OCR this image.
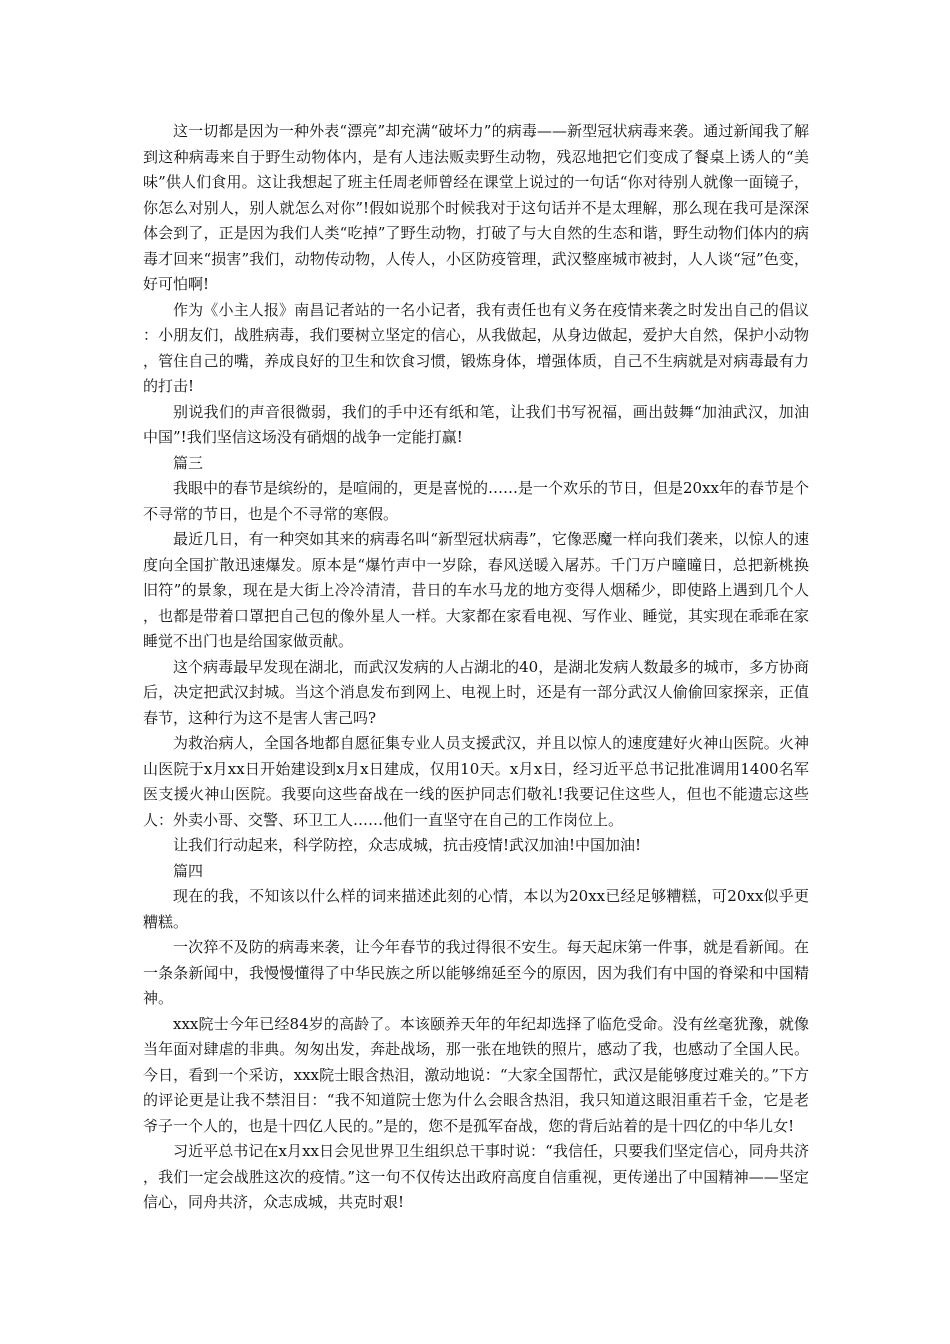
这一切都是因为一种外表“漂亮”却充满“破坏力”的病毒——新型冠状病毒来袭。通过新闻我了解到这种病毒来自于野生动物体内，是有人违法贩卖野生动物，残忍地把它们变成了餐桌上诱人的“美味”供人们食用。这让我想起了班主任周老师曾经在课堂上说过的一句话“你对待别人就像一面镜子，你怎么对别人，别人就怎么对你”!假如说那个时候我对于这句话并不是太理解，那么现在我可是深深体会到了，正是因为我们人类“吃掉”了野生动物，打破了与大自然的生态和谐，野生动物们体内的病毒才回来“损害”我们，动物传动物，人传人，小区防疫管理，武汉整座城市被封，人人谈“冠”色变，好可怕啊!

作为《小主人报》南昌记者站的一名小记者，我有责任也有义务在疫情来袭之时发出自己的倡议：小朋友们，战胜病毒，我们要树立坚定的信心，从我做起，从身边做起，爱护大自然，保护小动物，管住自己的嘴，养成良好的卫生和饮食习惯，锻炼身体，增强体质，自己不生病就是对病毒最有力的打击!

别说我们的声音很微弱，我们的手中还有纸和笔，让我们书写祝福，画出鼓舞“加油武汉，加油中国”!我们坚信这场没有硝烟的战争一定能打赢!

篇三

我眼中的春节是缤纷的，是喧闹的，更是喜悦的……是一个欢乐的节日，但是20xx年的春节是个不寻常的节日，也是个不寻常的寒假。

最近几日，有一种突如其来的病毒名叫“新型冠状病毒”，它像恶魔一样向我们袭来，以惊人的速度向全国扩散迅速爆发。原本是“爆竹声中一岁除，春风送暖入屠苏。千门万户曈曈日，总把新桃换旧符”的景象，现在是大街上冷冷清清，昔日的车水马龙的地方变得人烟稀少，即使路上遇到几个人，也都是带着口罩把自己包的像外星人一样。大家都在家看电视、写作业、睡觉，其实现在乖乖在家睡觉不出门也是给国家做贡献。

这个病毒最早发现在湖北，而武汉发病的人占湖北的40，是湖北发病人数最多的城市，多方协商后，决定把武汉封城。当这个消息发布到网上、电视上时，还是有一部分武汉人偷偷回家探亲，正值春节，这种行为这不是害人害己吗?

为救治病人，全国各地都自愿征集专业人员支援武汉，并且以惊人的速度建好火神山医院。火神山医院于x月xx日开始建设到x月x日建成，仅用10天。x月x日，经习近平总书记批准调用1400名军医支援火神山医院。我要向这些奋战在一线的医护同志们敬礼!我要记住这些人，但也不能遗忘这些人：外卖小哥、交警、环卫工人……他们一直坚守在自己的工作岗位上。

让我们行动起来，科学防控，众志成城，抗击疫情!武汉加油!中国加油!

篇四

现在的我，不知该以什么样的词来描述此刻的心情，本以为20xx已经足够糟糕，可20xx似乎更糟糕。

一次猝不及防的病毒来袭，让今年春节的我过得很不安生。每天起床第一件事，就是看新闻。在一条条新闻中，我慢慢懂得了中华民族之所以能够绵延至今的原因，因为我们有中国的脊梁和中国精神。

xxx院士今年已经84岁的高龄了。本该颐养天年的年纪却选择了临危受命。没有丝毫犹豫，就像当年面对肆虐的非典。匆匆出发，奔赴战场，那一张在地铁的照片，感动了我，也感动了全国人民。今日，看到一个采访，xxx院士眼含热泪，激动地说：“大家全国帮忙，武汉是能够度过难关的。”下方的评论更是让我不禁泪目：“我不知道院士您为什么会眼含热泪，我只知道这眼泪重若千金，它是老爷子一个人的，也是十四亿人民的。”是的，您不是孤军奋战，您的背后站着的是十四亿的中华儿女!

习近平总书记在x月xx日会见世界卫生组织总干事时说：“我信任，只要我们坚定信心，同舟共济，我们一定会战胜这次的疫情。”这一句不仅传达出政府高度自信重视，更传递出了中国精神——坚定信心，同舟共济，众志成城，共克时艰!
